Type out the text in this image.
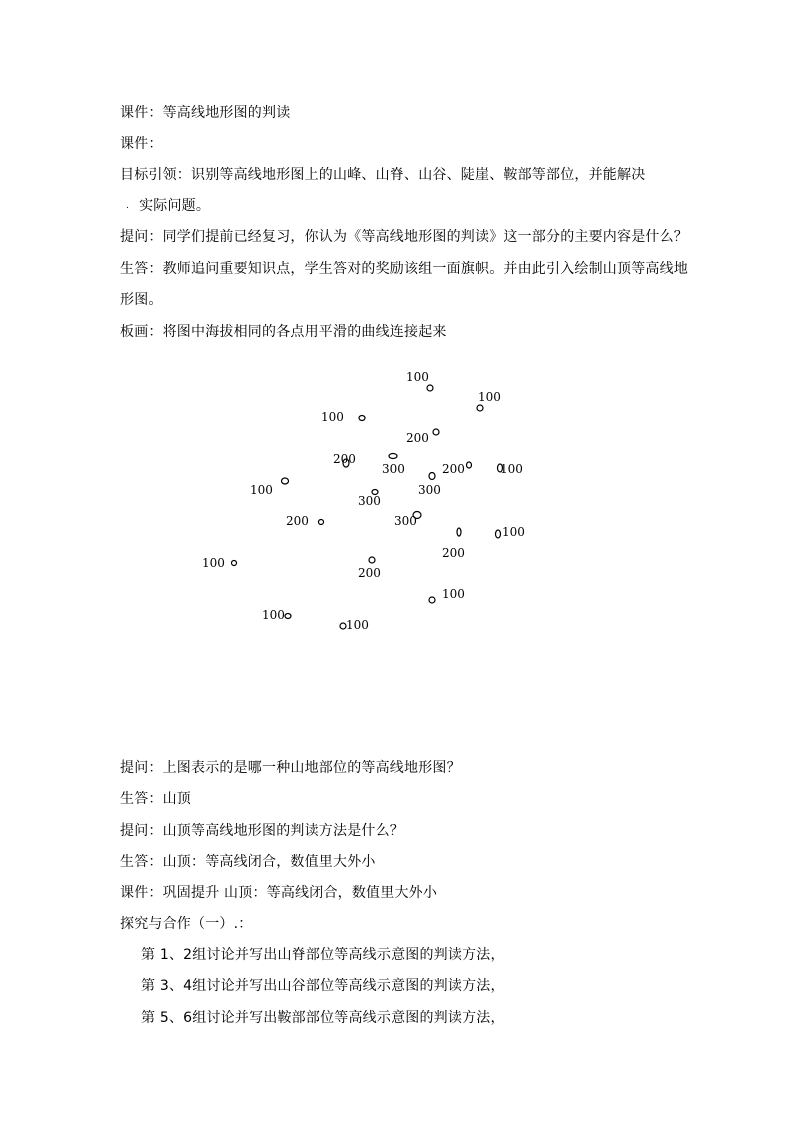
课件：等高线地形图的判读
课件：
目标引领：识别等高线地形图上的山峰、山脊、山谷、陡崖、鞍部等部位，并能解决
. 实际问题。
提问：同学们提前已经复习，你认为《等高线地形图的判读》这一部分的主要内容是什么？
生答：教师追问重要知识点，学生答对的奖励该组一面旗帜。并由此引入绘制山顶等高线地
形图。
板画：将图中海拔相同的各点用平滑的曲线连接起来
100
100
100
200
200
300	200	100
100	300
300
200	300
100
200
100
200
100
100
100
提问：上图表示的是哪一种山地部位的等高线地形图？
生答：山顶
提问：山顶等高线地形图的判读方法是什么？
生答：山顶：等高线闭合，数值里大外小
课件：巩固提升 山顶：等高线闭合，数值里大外小
探究与合作（一）.：
第 1、2组讨论并写出山脊部位等高线示意图的判读方法，
第 3、4组讨论并写出山谷部位等高线示意图的判读方法，
第 5、6组讨论并写出鞍部部位等高线示意图的判读方法，
